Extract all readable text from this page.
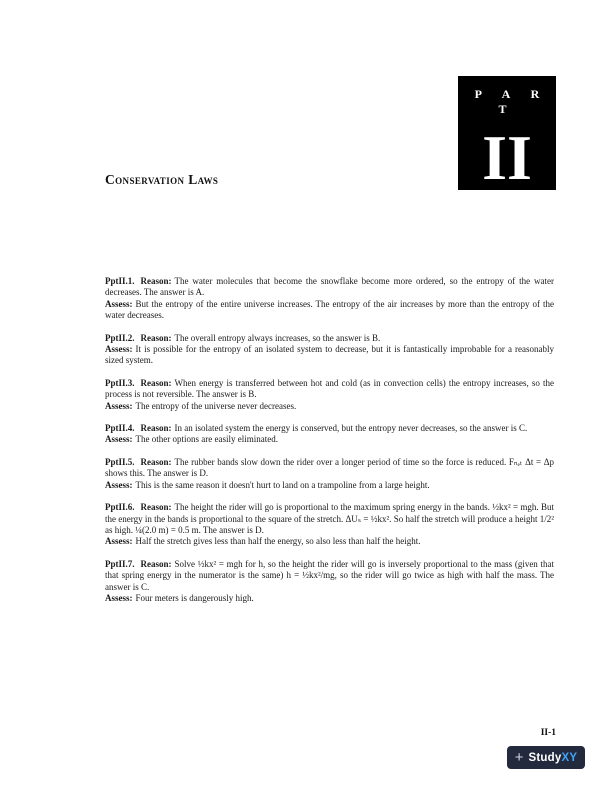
P A R T
II
Conservation Laws
PptII.1. Reason: The water molecules that become the snowflake become more ordered, so the entropy of the water decreases. The answer is A.
Assess: But the entropy of the entire universe increases. The entropy of the air increases by more than the entropy of the water decreases.
PptII.2. Reason: The overall entropy always increases, so the answer is B.
Assess: It is possible for the entropy of an isolated system to decrease, but it is fantastically improbable for a reasonably sized system.
PptII.3. Reason: When energy is transferred between hot and cold (as in convection cells) the entropy increases, so the process is not reversible. The answer is B.
Assess: The entropy of the universe never decreases.
PptII.4. Reason: In an isolated system the energy is conserved, but the entropy never decreases, so the answer is C.
Assess: The other options are easily eliminated.
PptII.5. Reason: The rubber bands slow down the rider over a longer period of time so the force is reduced. Fₙₑₜ Δt = Δp shows this. The answer is D.
Assess: This is the same reason it doesn't hurt to land on a trampoline from a large height.
PptII.6. Reason: The height the rider will go is proportional to the maximum spring energy in the bands. ½kx² = mgh. But the energy in the bands is proportional to the square of the stretch. ΔUₛ = ½kx². So half the stretch will produce a height 1/2² as high. ¼(2.0 m) = 0.5 m. The answer is D.
Assess: Half the stretch gives less than half the energy, so also less than half the height.
PptII.7. Reason: Solve ½kx² = mgh for h, so the height the rider will go is inversely proportional to the mass (given that that spring energy in the numerator is the same) h = ½kx²/mg, so the rider will go twice as high with half the mass. The answer is C.
Assess: Four meters is dangerously high.
II-1
+ StudyXY
